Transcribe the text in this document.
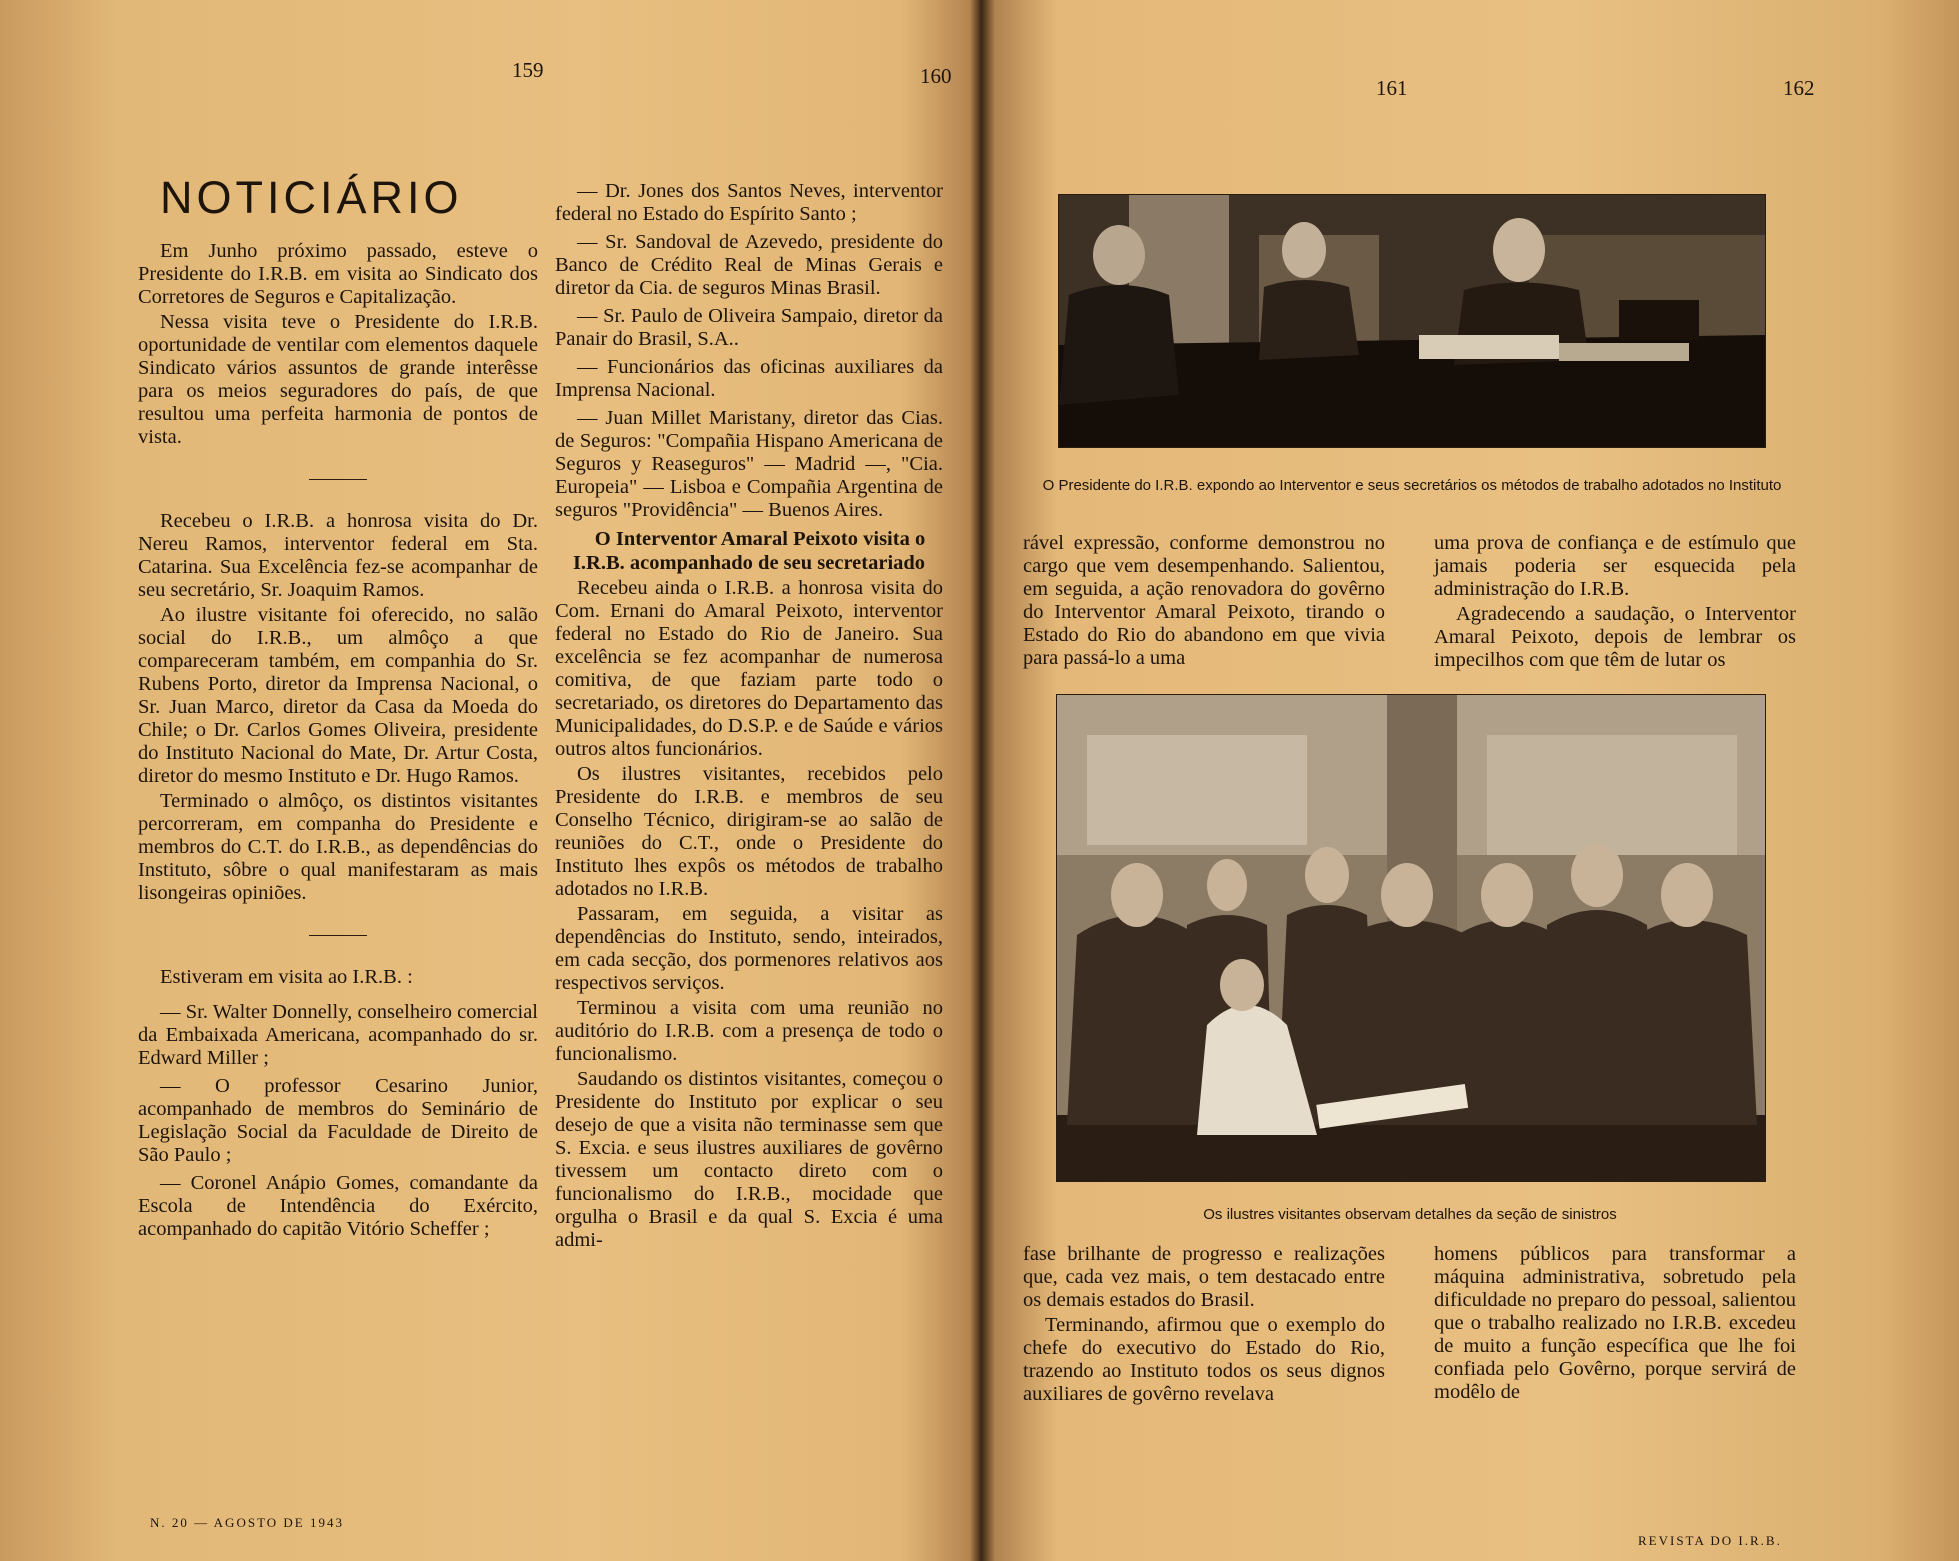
159	160
NOTICIÁRIO

Em Junho próximo passado, esteve o Presidente do I.R.B. em visita ao Sindicato dos Corretores de Seguros e Capitalização.

Nessa visita teve o Presidente do I.R.B. oportunidade de ventilar com elementos daquele Sindicato vários assuntos de grande interêsse para os meios seguradores do país, de que resultou uma perfeita harmonia de pontos de vista.

Recebeu o I.R.B. a honrosa visita do Dr. Nereu Ramos, interventor federal em Sta. Catarina. Sua Excelência fez-se acompanhar de seu secretário, Sr. Joaquim Ramos.

Ao ilustre visitante foi oferecido, no salão social do I.R.B., um almôço a que compareceram também, em companhia do Sr. Rubens Porto, diretor da Imprensa Nacional, o Sr. Juan Marco, diretor da Casa da Moeda do Chile; o Dr. Carlos Gomes Oliveira, presidente do Instituto Nacional do Mate, Dr. Artur Costa, diretor do mesmo Instituto e Dr. Hugo Ramos.

Terminado o almôço, os distintos visitantes percorreram, em companha do Presidente e membros do C.T. do I.R.B., as dependências do Instituto, sôbre o qual manifestaram as mais lisongeiras opiniões.

Estiveram em visita ao I.R.B. :

— Sr. Walter Donnelly, conselheiro comercial da Embaixada Americana, acompanhado do sr. Edward Miller ;
— O professor Cesarino Junior, acompanhado de membros do Seminário de Legislação Social da Faculdade de Direito de São Paulo ;
— Coronel Anápio Gomes, comandante da Escola de Intendência do Exército, acompanhado do capitão Vitório Scheffer ;
— Dr. Jones dos Santos Neves, interventor federal no Estado do Espírito Santo ;
— Sr. Sandoval de Azevedo, presidente do Banco de Crédito Real de Minas Gerais e diretor da Cia. de seguros Minas Brasil.
— Sr. Paulo de Oliveira Sampaio, diretor da Panair do Brasil, S.A..
— Funcionários das oficinas auxiliares da Imprensa Nacional.
— Juan Millet Maristany, diretor das Cias. de Seguros: "Compañia Hispano Americana de Seguros y Reaseguros" — Madrid —, "Cia. Europeia" — Lisboa e Compañia Argentina de seguros "Providência" — Buenos Aires.

O Interventor Amaral Peixoto visita o I.R.B. acompanhado de seu secretariado

Recebeu ainda o I.R.B. a honrosa visita do Com. Ernani do Amaral Peixoto, interventor federal no Estado do Rio de Janeiro. Sua excelência se fez acompanhar de numerosa comitiva, de que faziam parte todo o secretariado, os diretores do Departamento das Municipalidades, do D.S.P. e de Saúde e vários outros altos funcionários.

Os ilustres visitantes, recebidos pelo Presidente do I.R.B. e membros de seu Conselho Técnico, dirigiram-se ao salão de reuniões do C.T., onde o Presidente do Instituto lhes expôs os métodos de trabalho adotados no I.R.B.

Passaram, em seguida, a visitar as dependências do Instituto, sendo, inteirados, em cada secção, dos pormenores relativos aos respectivos serviços.

Terminou a visita com uma reunião no auditório do I.R.B. com a presença de todo o funcionalismo.

Saudando os distintos visitantes, começou o Presidente do Instituto por explicar o seu desejo de que a visita não terminasse sem que S. Excia. e seus ilustres auxiliares de govêrno tivessem um contacto direto com o funcionalismo do I.R.B., mocidade que orgulha o Brasil e da qual S. Excia é uma admi-

N. 20 — AGOSTO DE 1943
161	162
O Presidente do I.R.B. expondo ao Interventor e seus secretários os métodos de trabalho adotados no Instituto

rável expressão, conforme demonstrou no cargo que vem desempenhando. Salientou, em seguida, a ação renovadora do govêrno do Interventor Amaral Peixoto, tirando o Estado do Rio do abandono em que vivia para passá-lo a uma

uma prova de confiança e de estímulo que jamais poderia ser esquecida pela administração do I.R.B.

Agradecendo a saudação, o Interventor Amaral Peixoto, depois de lembrar os impecilhos com que têm de lutar os

Os ilustres visitantes observam detalhes da seção de sinistros

fase brilhante de progresso e realizações que, cada vez mais, o tem destacado entre os demais estados do Brasil.

Terminando, afirmou que o exemplo do chefe do executivo do Estado do Rio, trazendo ao Instituto todos os seus dignos auxiliares de govêrno revelava

homens públicos para transformar a máquina administrativa, sobretudo pela dificuldade no preparo do pessoal, salientou que o trabalho realizado no I.R.B. excedeu de muito a função específica que lhe foi confiada pelo Govêrno, porque servirá de modêlo de

REVISTA DO I.R.B.
